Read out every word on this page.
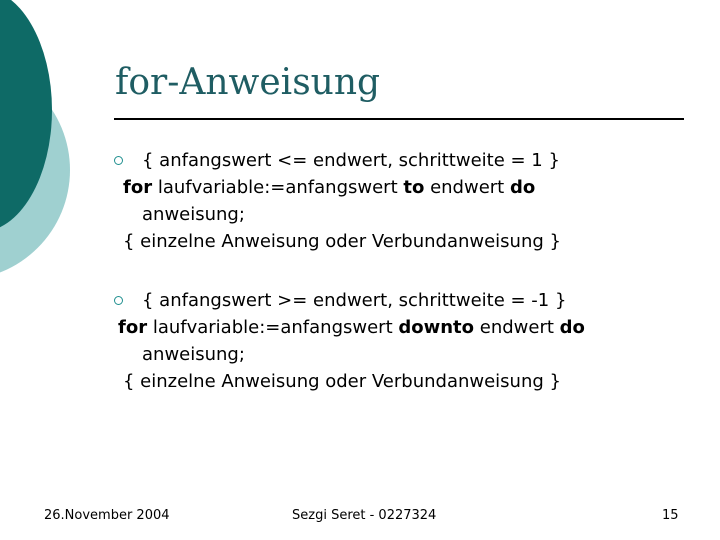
for-Anweisung
{ anfangswert <= endwert, schrittweite = 1 }
for laufvariable:=anfangswert to endwert do
anweisung;
{ einzelne Anweisung oder Verbundanweisung }
{ anfangswert >= endwert, schrittweite = -1 }
for laufvariable:=anfangswert downto endwert do
anweisung;
{ einzelne Anweisung oder Verbundanweisung }
26.November 2004	Sezgi Seret - 0227324	15
